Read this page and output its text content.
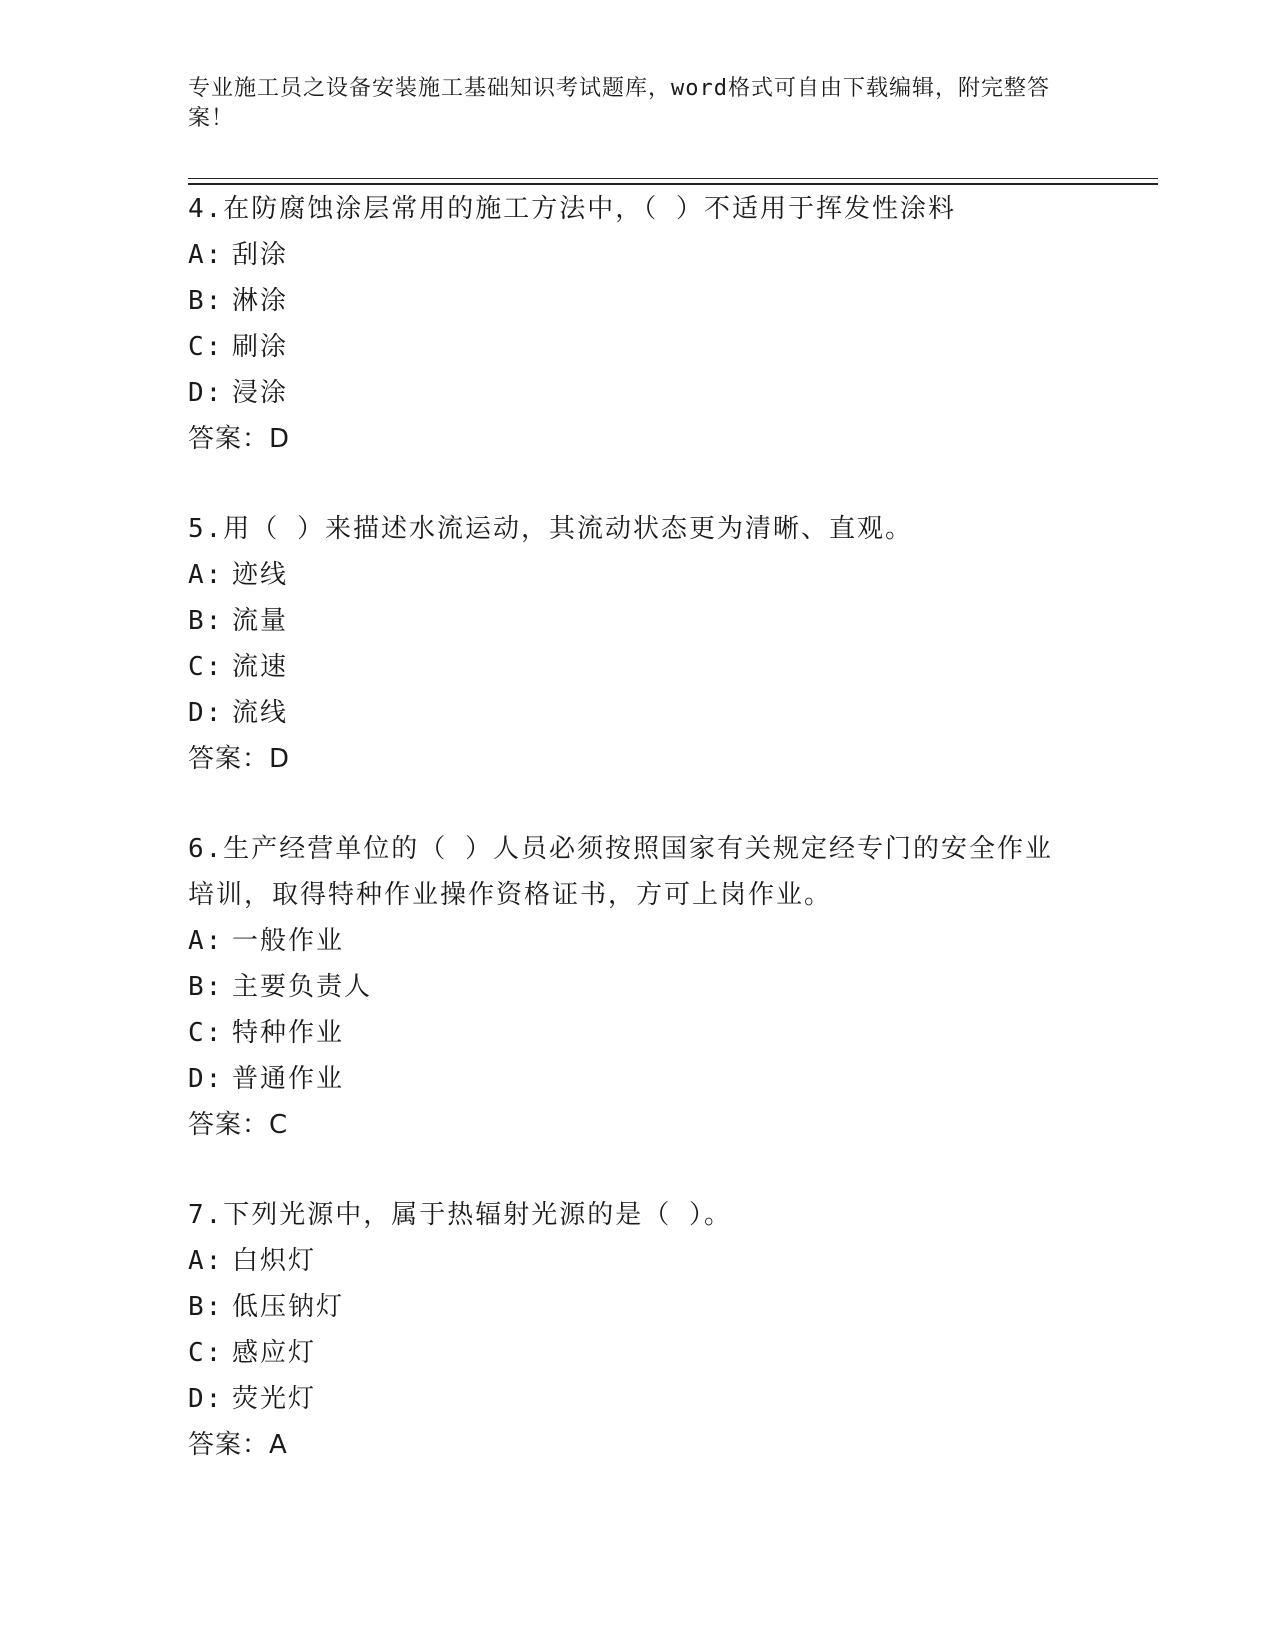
专业施工员之设备安装施工基础知识考试题库，word格式可自由下载编辑，附完整答案！

4.在防腐蚀涂层常用的施工方法中，（ ）不适用于挥发性涂料

A: 刮涂

B: 淋涂

C: 刷涂

D: 浸涂

答案：D

5.用（ ）来描述水流运动，其流动状态更为清晰、直观。

A: 迹线

B: 流量

C: 流速

D: 流线

答案：D

6.生产经营单位的（ ）人员必须按照国家有关规定经专门的安全作业培训，取得特种作业操作资格证书，方可上岗作业。

A: 一般作业

B: 主要负责人

C: 特种作业

D: 普通作业

答案：C

7.下列光源中，属于热辐射光源的是（ ）。

A: 白炽灯

B: 低压钠灯

C: 感应灯

D: 荧光灯

答案：A
